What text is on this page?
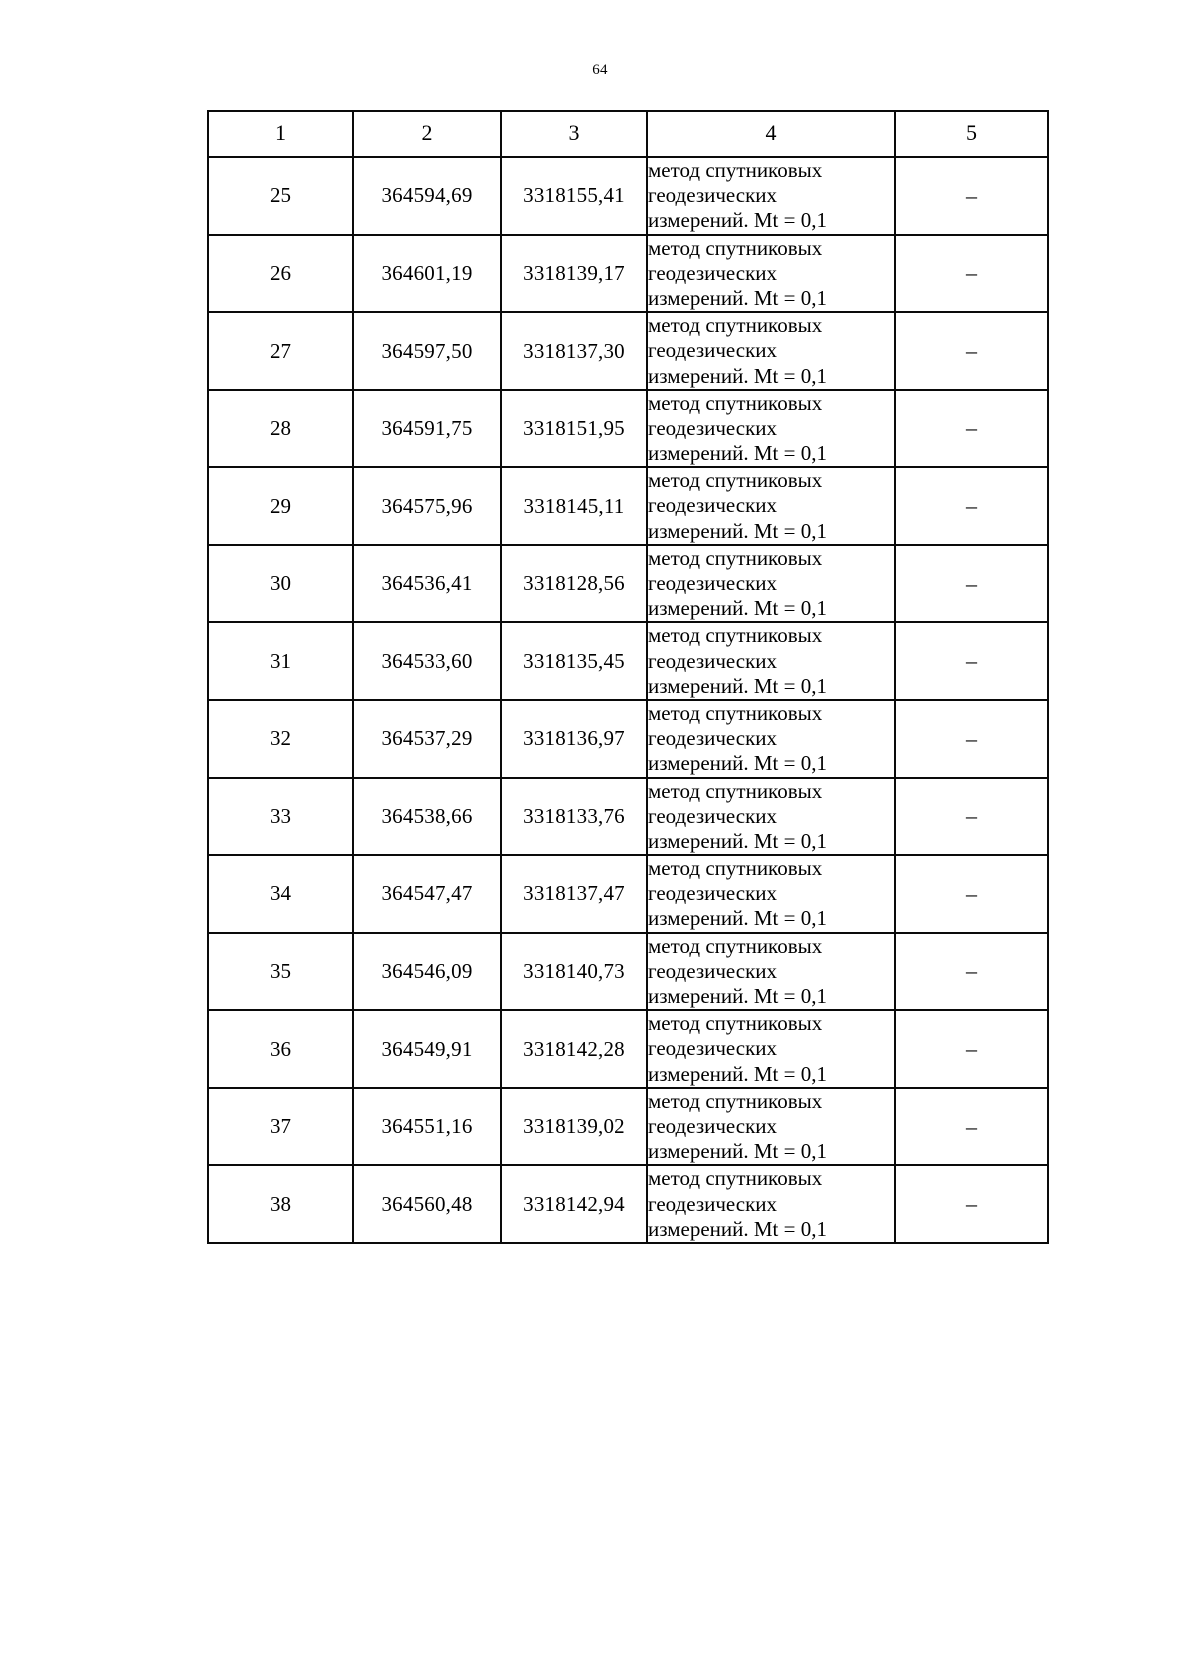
64
1	2	3	4	5
25	364594,69	3318155,41	метод спутниковых
геодезических
измерений. Mt = 0,1	–
26	364601,19	3318139,17	метод спутниковых
геодезических
измерений. Mt = 0,1	–
27	364597,50	3318137,30	метод спутниковых
геодезических
измерений. Mt = 0,1	–
28	364591,75	3318151,95	метод спутниковых
геодезических
измерений. Mt = 0,1	–
29	364575,96	3318145,11	метод спутниковых
геодезических
измерений. Mt = 0,1	–
30	364536,41	3318128,56	метод спутниковых
геодезических
измерений. Mt = 0,1	–
31	364533,60	3318135,45	метод спутниковых
геодезических
измерений. Mt = 0,1	–
32	364537,29	3318136,97	метод спутниковых
геодезических
измерений. Mt = 0,1	–
33	364538,66	3318133,76	метод спутниковых
геодезических
измерений. Mt = 0,1	–
34	364547,47	3318137,47	метод спутниковых
геодезических
измерений. Mt = 0,1	–
35	364546,09	3318140,73	метод спутниковых
геодезических
измерений. Mt = 0,1	–
36	364549,91	3318142,28	метод спутниковых
геодезических
измерений. Mt = 0,1	–
37	364551,16	3318139,02	метод спутниковых
геодезических
измерений. Mt = 0,1	–
38	364560,48	3318142,94	метод спутниковых
геодезических
измерений. Mt = 0,1	–
